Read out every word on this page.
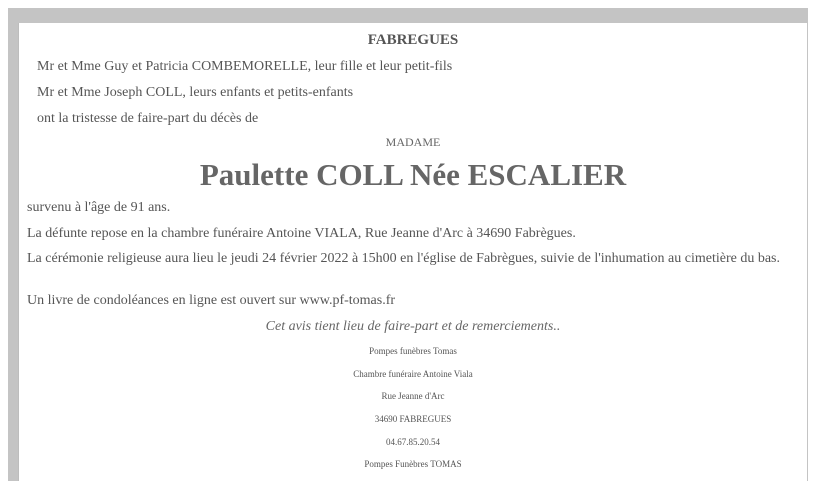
FABREGUES
Mr et Mme Guy et Patricia COMBEMORELLE, leur fille et leur petit-fils
Mr et Mme Joseph COLL, leurs enfants et petits-enfants
ont la tristesse de faire-part du décès de
MADAME
Paulette COLL Née ESCALIER
survenu à l'âge de 91 ans.
La défunte repose en la chambre funéraire Antoine VIALA, Rue Jeanne d'Arc à 34690 Fabrègues.
La cérémonie religieuse aura lieu le jeudi 24 février 2022 à 15h00 en l'église de Fabrègues, suivie de l'inhumation au cimetière du bas.
Un livre de condoléances en ligne est ouvert sur www.pf-tomas.fr
Cet avis tient lieu de faire-part et de remerciements..
Pompes funèbres Tomas
Chambre funéraire Antoine Viala
Rue Jeanne d'Arc
34690 FABREGUES
04.67.85.20.54
Pompes Funèbres TOMAS
